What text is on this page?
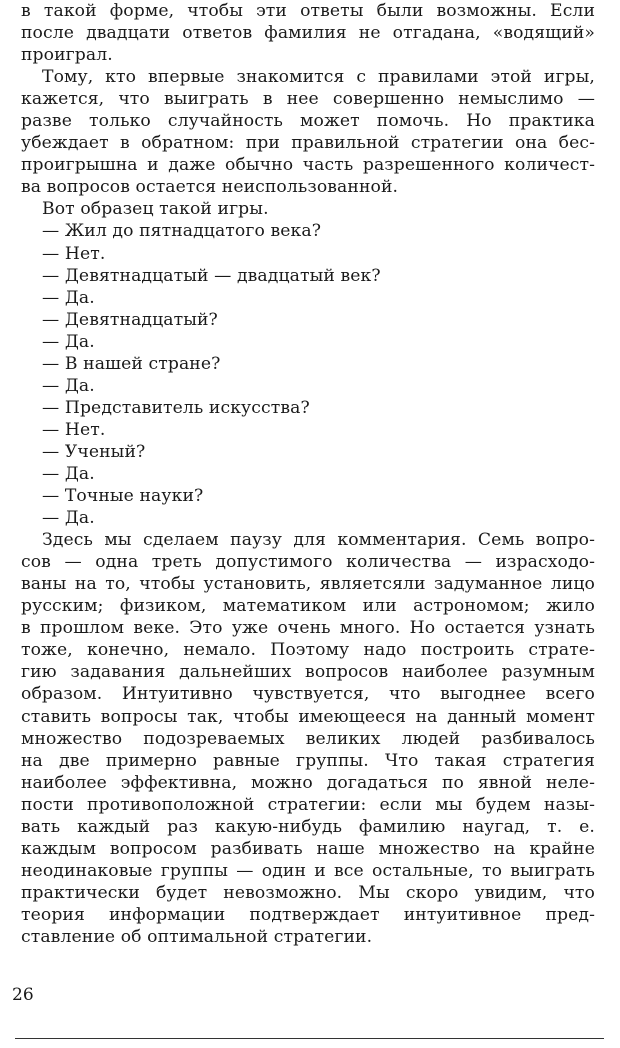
в такой форме, чтобы эти ответы были возможны. Если
после двадцати ответов фамилия не отгадана, «водящий»
проиграл.
Тому, кто впервые знакомится с правилами этой игры,
кажется, что выиграть в нее совершенно немыслимо —
разве только случайность может помочь. Но практика
убеждает в обратном: при правильной стратегии она бес-
проигрышна и даже обычно часть разрешенного количест-
ва вопросов остается неиспользованной.
Вот образец такой игры.
— Жил до пятнадцатого века?
— Нет.
— Девятнадцатый — двадцатый век?
— Да.
— Девятнадцатый?
— Да.
— В нашей стране?
— Да.
— Представитель искусства?
— Нет.
— Ученый?
— Да.
— Точные науки?
— Да.
Здесь мы сделаем паузу для комментария. Семь вопро-
сов — одна треть допустимого количества — израсходо-
ваны на то, чтобы установить, являетсяли задуманное лицо
русским; физиком, математиком или астрономом; жило
в прошлом веке. Это уже очень много. Но остается узнать
тоже, конечно, немало. Поэтому надо построить страте-
гию задавания дальнейших вопросов наиболее разумным
образом. Интуитивно чувствуется, что выгоднее всего
ставить вопросы так, чтобы имеющееся на данный момент
множество подозреваемых великих людей разбивалось
на две примерно равные группы. Что такая стратегия
наиболее эффективна, можно догадаться по явной неле-
пости противоположной стратегии: если мы будем назы-
вать каждый раз какую-нибудь фамилию наугад, т. е.
каждым вопросом разбивать наше множество на крайне
неодинаковые группы — один и все остальные, то выиграть
практически будет невозможно. Мы скоро увидим, что
теория информации подтверждает интуитивное пред-
ставление об оптимальной стратегии.
26
